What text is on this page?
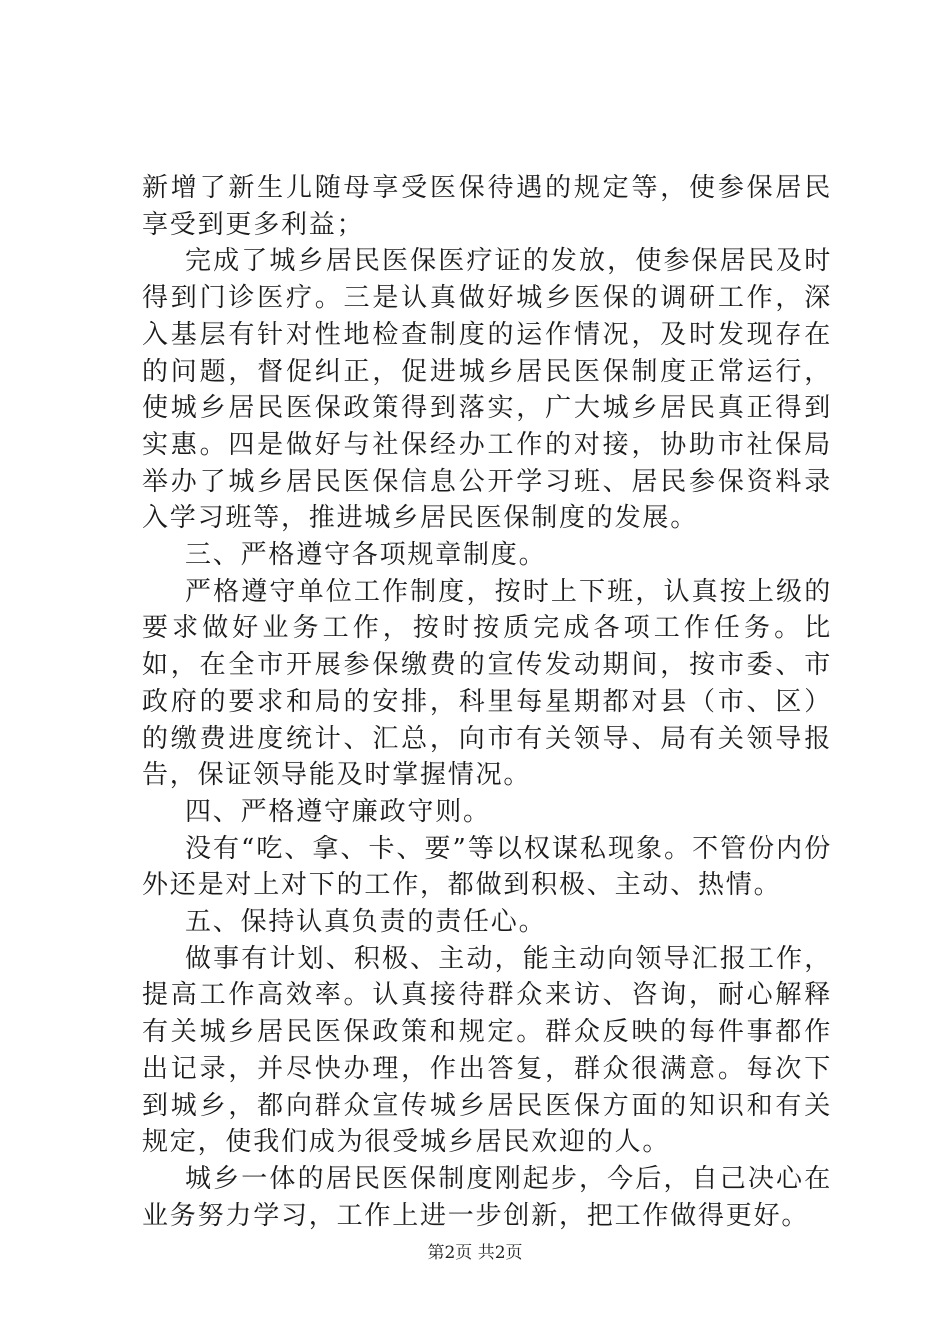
新增了新生儿随母享受医保待遇的规定等，使参保居民享受到更多利益；

完成了城乡居民医保医疗证的发放，使参保居民及时得到门诊医疗。三是认真做好城乡医保的调研工作，深入基层有针对性地检查制度的运作情况，及时发现存在的问题，督促纠正，促进城乡居民医保制度正常运行，使城乡居民医保政策得到落实，广大城乡居民真正得到实惠。四是做好与社保经办工作的对接，协助市社保局举办了城乡居民医保信息公开学习班、居民参保资料录入学习班等，推进城乡居民医保制度的发展。

三、严格遵守各项规章制度。

严格遵守单位工作制度，按时上下班，认真按上级的要求做好业务工作，按时按质完成各项工作任务。比如，在全市开展参保缴费的宣传发动期间，按市委、市政府的要求和局的安排，科里每星期都对县（市、区）的缴费进度统计、汇总，向市有关领导、局有关领导报告，保证领导能及时掌握情况。

四、严格遵守廉政守则。

没有“吃、拿、卡、要”等以权谋私现象。不管份内份外还是对上对下的工作，都做到积极、主动、热情。

五、保持认真负责的责任心。

做事有计划、积极、主动，能主动向领导汇报工作，提高工作高效率。认真接待群众来访、咨询，耐心解释有关城乡居民医保政策和规定。群众反映的每件事都作出记录，并尽快办理，作出答复，群众很满意。每次下到城乡，都向群众宣传城乡居民医保方面的知识和有关规定，使我们成为很受城乡居民欢迎的人。

城乡一体的居民医保制度刚起步，今后，自己决心在业务努力学习，工作上进一步创新，把工作做得更好。

第2页 共2页
